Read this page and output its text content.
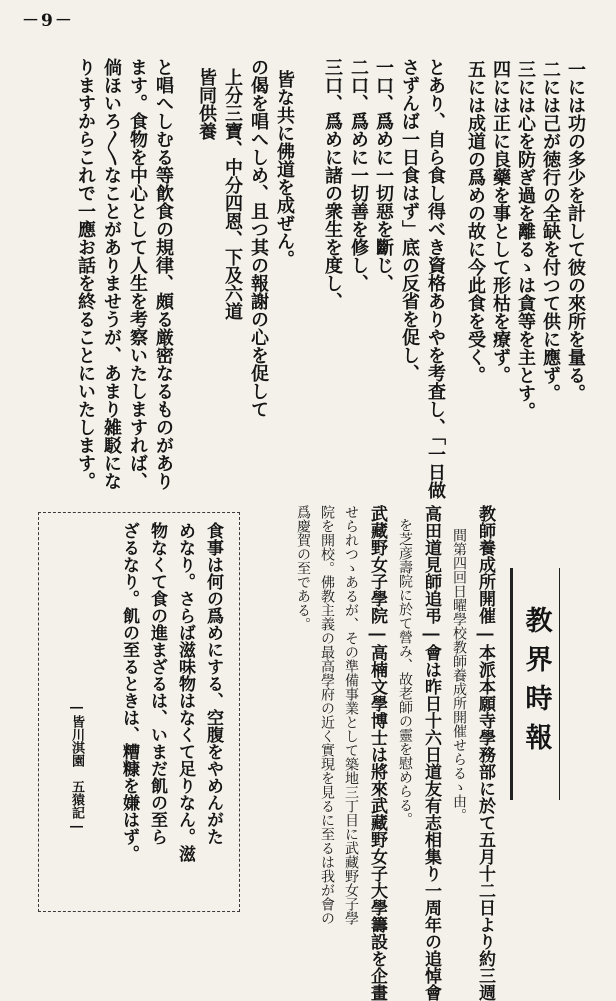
－9－
一には功の多少を計して彼の來所を量る。
二には己が徳行の全缺を付つて供に應ず。
三には心を防ぎ過を離るゝは貪等を主とす。
四には正に良藥を事として形枯を療ず。
五には成道の爲めの故に今此食を受く。
とあり、自ら食し得べき資格ありやを考査し、「一日做
さずんば一日食はず」底の反省を促し、
一口、爲めに一切惡を斷じ、
二口、爲めに一切善を修し、
三口、爲めに諸の衆生を度し、
皆な共に佛道を成ぜん。
の偈を唱へしめ、且つ其の報謝の心を促して
上分三寶、中分四恩、下及六道
皆同供養
と唱へしむる等飮食の規律、頗る厳密なるものがあり
ます。食物を中心として人生を考察いたしますれば、
倘ほいろ〳〵なことがありませうが、あまり雑駁にな
りますからこれで一應お話を終ることにいたします。
教界時報
教師養成所開催―本派本願寺學務部に於て五月十二日より約三週
間第四回日曜學校教師養成所開催せらるゝ由。
高田道見師追弔―會は昨日十六日道友有志相集り一周年の追悼會
を芝彦壽院に於て營み、故老師の靈を慰めらる。
武藏野女子學院―高楠文學博士は將來武藏野女子大學籌設を企畫
せられつゝあるが、その準備事業として築地三丁目に武藏野女子學
院を開校。佛教主義の最高學府の近く實現を見るに至るは我が會の
爲慶賀の至である。
食事は何の爲めにする、空腹をやめんがた
めなり。さらば滋味物はなくて足りなん。滋
物なくて食の進まざるは、いまだ飢の至ら
ざるなり。飢の至るときは、糟糠を嫌はず。
―皆川淇園　五猿記―
